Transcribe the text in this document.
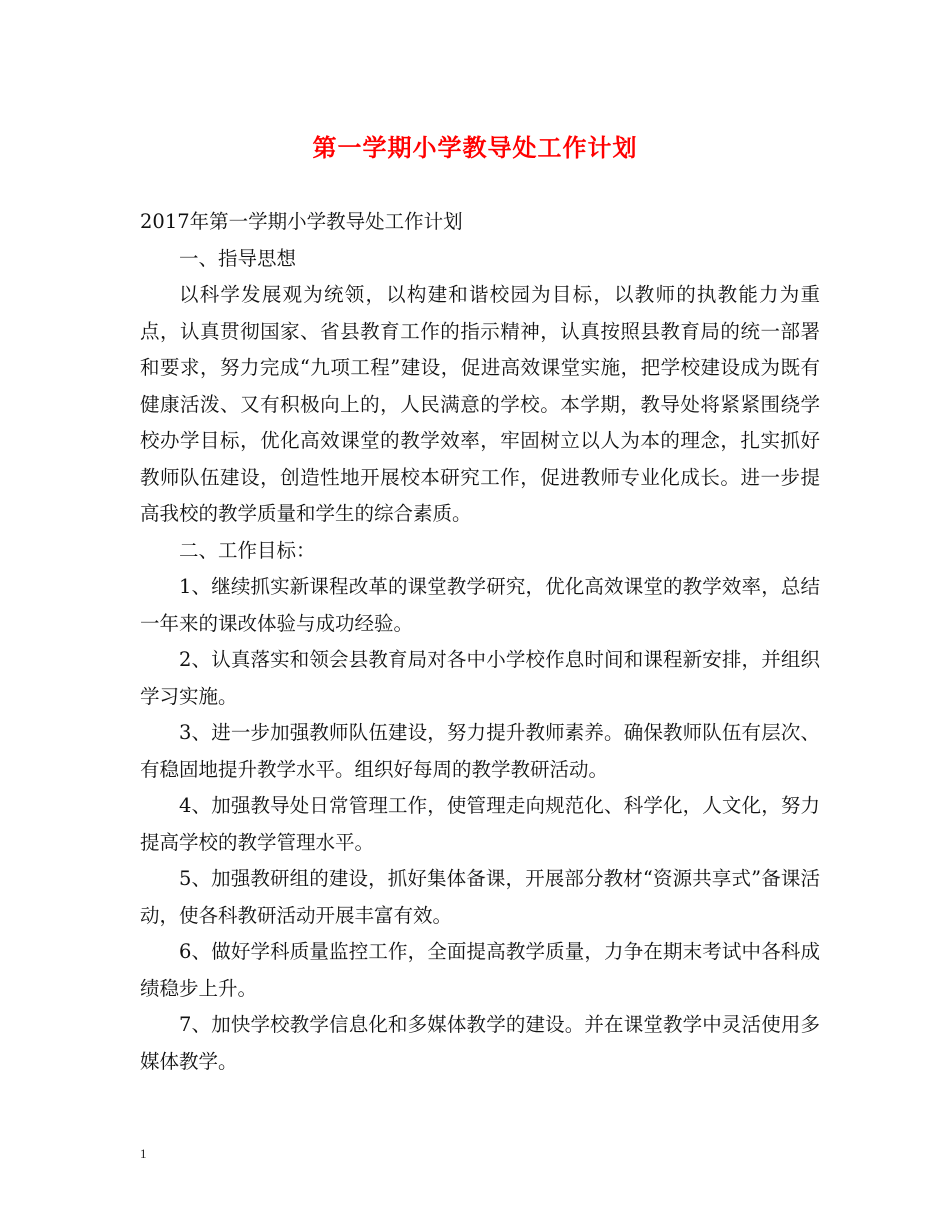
第一学期小学教导处工作计划

2017年第一学期小学教导处工作计划

一、指导思想

以科学发展观为统领，以构建和谐校园为目标，以教师的执教能力为重点，认真贯彻国家、省县教育工作的指示精神，认真按照县教育局的统一部署和要求，努力完成“九项工程”建设，促进高效课堂实施，把学校建设成为既有健康活泼、又有积极向上的，人民满意的学校。本学期，教导处将紧紧围绕学校办学目标，优化高效课堂的教学效率，牢固树立以人为本的理念，扎实抓好教师队伍建设，创造性地开展校本研究工作，促进教师专业化成长。进一步提高我校的教学质量和学生的综合素质。

二、工作目标：

1、继续抓实新课程改革的课堂教学研究，优化高效课堂的教学效率，总结一年来的课改体验与成功经验。

2、认真落实和领会县教育局对各中小学校作息时间和课程新安排，并组织学习实施。

3、进一步加强教师队伍建设，努力提升教师素养。确保教师队伍有层次、有稳固地提升教学水平。组织好每周的教学教研活动。

4、加强教导处日常管理工作，使管理走向规范化、科学化，人文化，努力提高学校的教学管理水平。

5、加强教研组的建设，抓好集体备课，开展部分教材“资源共享式”备课活动，使各科教研活动开展丰富有效。

6、做好学科质量监控工作，全面提高教学质量，力争在期末考试中各科成绩稳步上升。

7、加快学校教学信息化和多媒体教学的建设。并在课堂教学中灵活使用多媒体教学。

1
